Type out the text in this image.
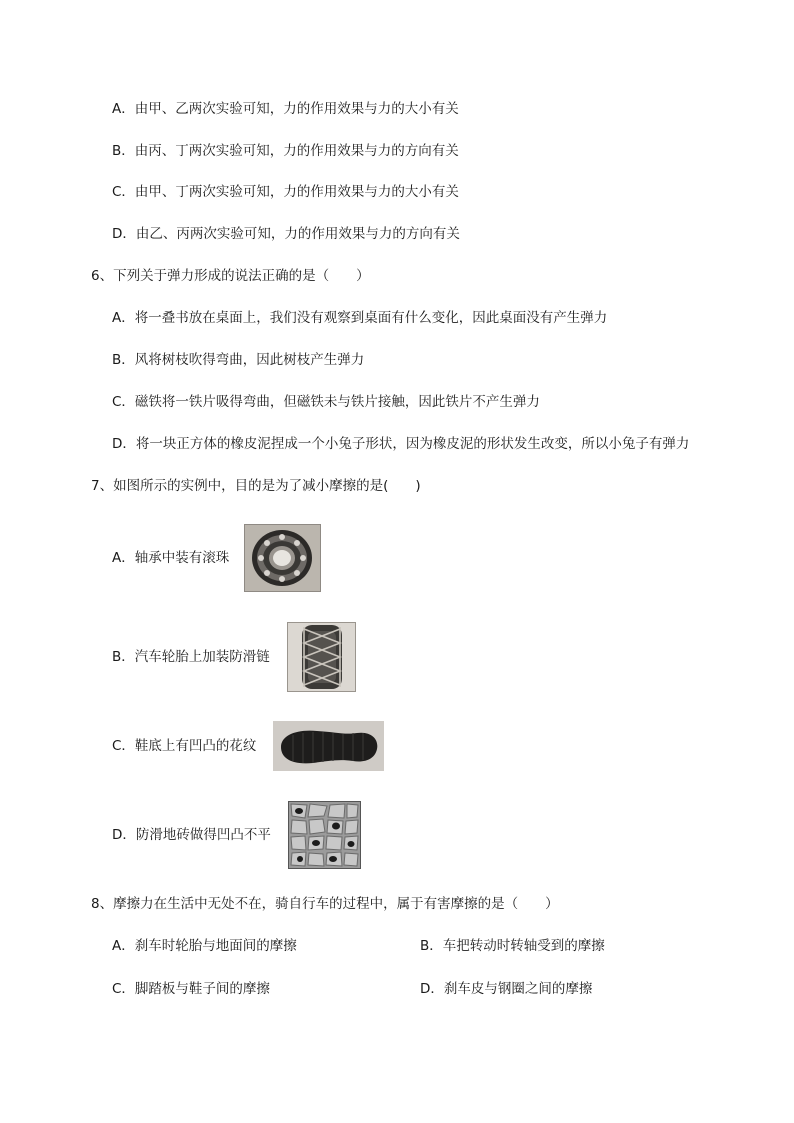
A．由甲、乙两次实验可知，力的作用效果与力的大小有关
B．由丙、丁两次实验可知，力的作用效果与力的方向有关
C．由甲、丁两次实验可知，力的作用效果与力的大小有关
D．由乙、丙两次实验可知，力的作用效果与力的方向有关
6、下列关于弹力形成的说法正确的是（　　）
A．将一叠书放在桌面上，我们没有观察到桌面有什么变化，因此桌面没有产生弹力
B．风将树枝吹得弯曲，因此树枝产生弹力
C．磁铁将一铁片吸得弯曲，但磁铁未与铁片接触，因此铁片不产生弹力
D．将一块正方体的橡皮泥捏成一个小兔子形状，因为橡皮泥的形状发生改变，所以小兔子有弹力
7、如图所示的实例中，目的是为了减小摩擦的是(　　)
A．轴承中装有滚珠
B．汽车轮胎上加装防滑链
C．鞋底上有凹凸的花纹
D．防滑地砖做得凹凸不平
8、摩擦力在生活中无处不在，骑自行车的过程中，属于有害摩擦的是（　　）
A．刹车时轮胎与地面间的摩擦	B．车把转动时转轴受到的摩擦
C．脚踏板与鞋子间的摩擦	D．刹车皮与钢圈之间的摩擦
